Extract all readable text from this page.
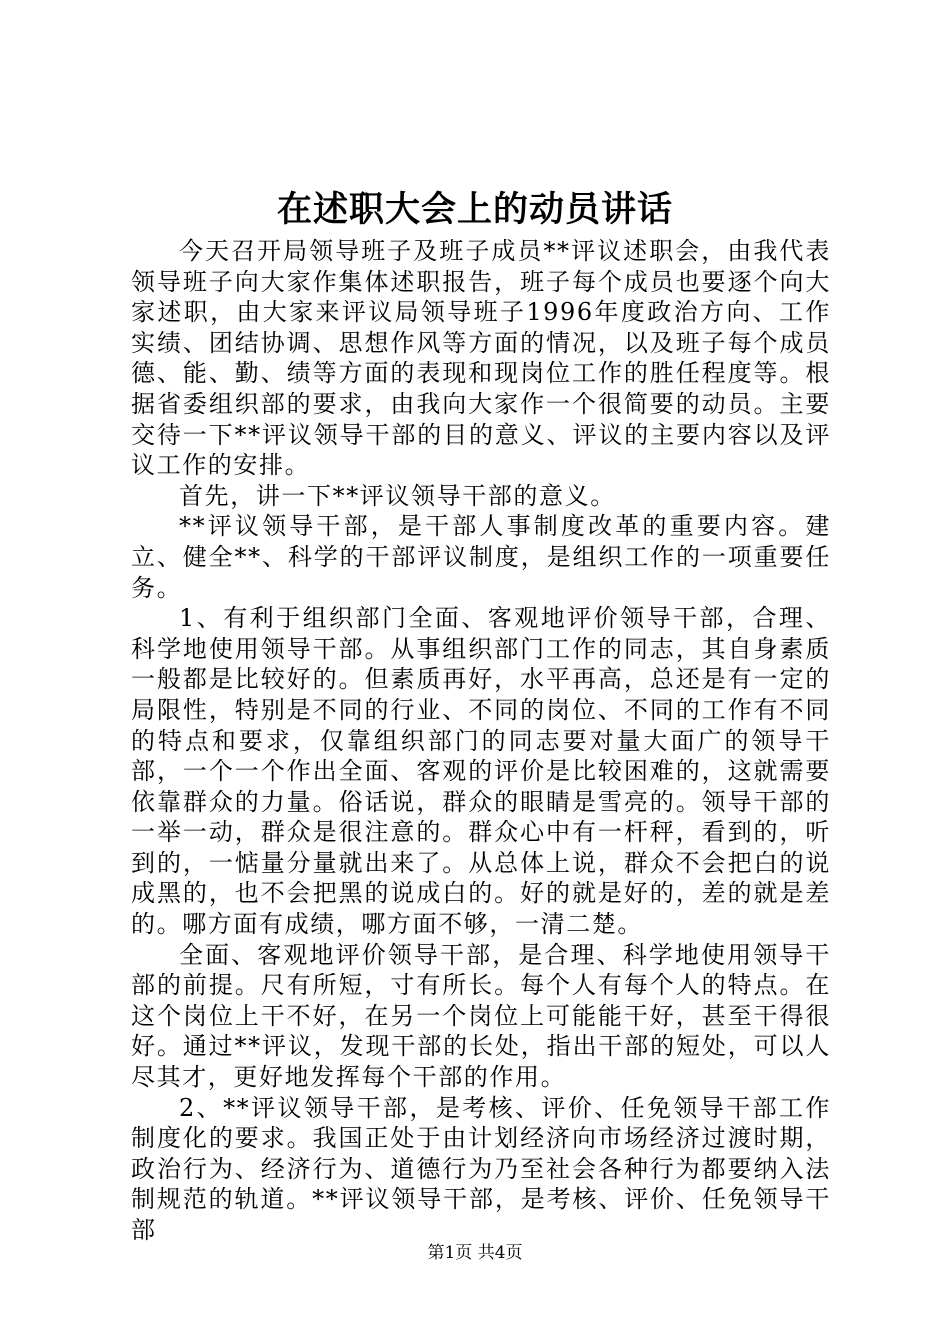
在述职大会上的动员讲话

今天召开局领导班子及班子成员**评议述职会，由我代表领导班子向大家作集体述职报告，班子每个成员也要逐个向大家述职，由大家来评议局领导班子1996年度政治方向、工作实绩、团结协调、思想作风等方面的情况，以及班子每个成员德、能、勤、绩等方面的表现和现岗位工作的胜任程度等。根据省委组织部的要求，由我向大家作一个很简要的动员。主要交待一下**评议领导干部的目的意义、评议的主要内容以及评议工作的安排。

首先，讲一下**评议领导干部的意义。

**评议领导干部，是干部人事制度改革的重要内容。建立、健全**、科学的干部评议制度，是组织工作的一项重要任务。

1、有利于组织部门全面、客观地评价领导干部，合理、科学地使用领导干部。从事组织部门工作的同志，其自身素质一般都是比较好的。但素质再好，水平再高，总还是有一定的局限性，特别是不同的行业、不同的岗位、不同的工作有不同的特点和要求，仅靠组织部门的同志要对量大面广的领导干部，一个一个作出全面、客观的评价是比较困难的，这就需要依靠群众的力量。俗话说，群众的眼睛是雪亮的。领导干部的一举一动，群众是很注意的。群众心中有一杆秤，看到的，听到的，一惦量分量就出来了。从总体上说，群众不会把白的说成黑的，也不会把黑的说成白的。好的就是好的，差的就是差的。哪方面有成绩，哪方面不够，一清二楚。

全面、客观地评价领导干部，是合理、科学地使用领导干部的前提。尺有所短，寸有所长。每个人有每个人的特点。在这个岗位上干不好，在另一个岗位上可能能干好，甚至干得很好。通过**评议，发现干部的长处，指出干部的短处，可以人尽其才，更好地发挥每个干部的作用。

2、**评议领导干部，是考核、评价、任免领导干部工作制度化的要求。我国正处于由计划经济向市场经济过渡时期，政治行为、经济行为、道德行为乃至社会各种行为都要纳入法制规范的轨道。**评议领导干部，是考核、评价、任免领导干部

第1页 共4页
